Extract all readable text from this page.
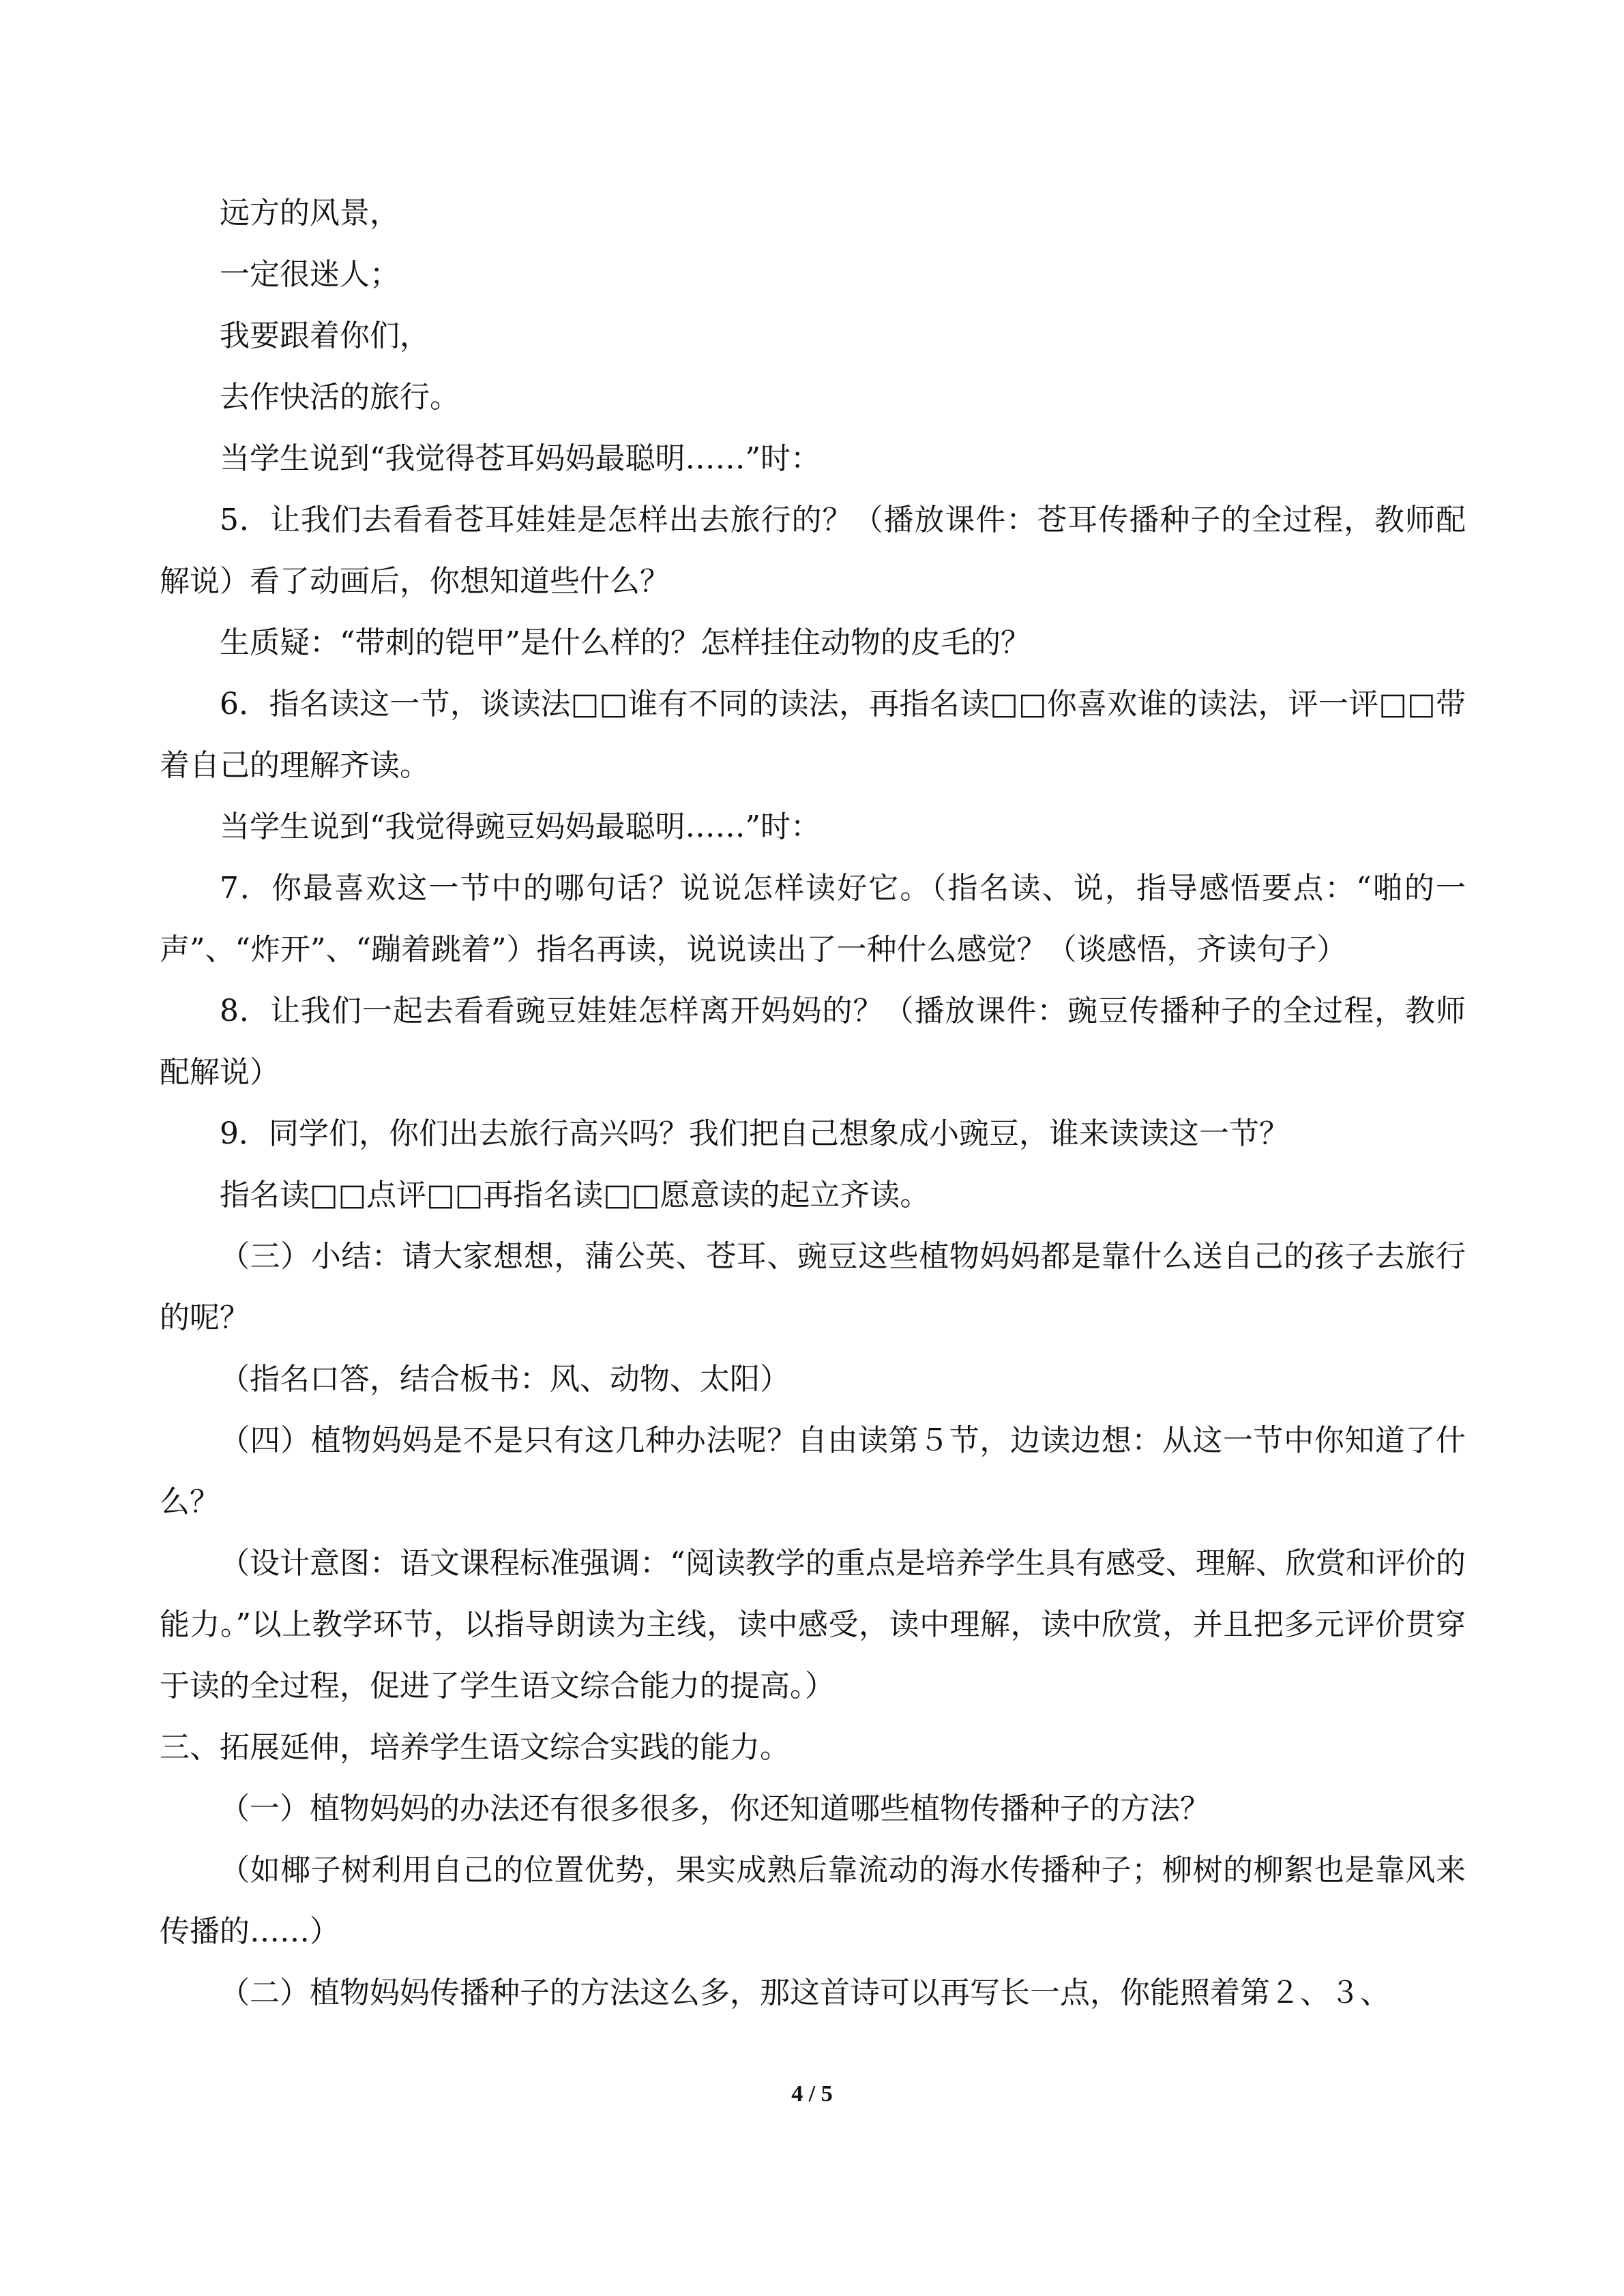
远方的风景，

一定很迷人；

我要跟着你们，

去作快活的旅行。

当学生说到“我觉得苍耳妈妈最聪明……”时：

5．让我们去看看苍耳娃娃是怎样出去旅行的？（播放课件：苍耳传播种子的全过程，教师配解说）看了动画后，你想知道些什么？

生质疑：“带刺的铠甲”是什么样的？怎样挂住动物的皮毛的？

6．指名读这一节，谈读法□□谁有不同的读法，再指名读□□你喜欢谁的读法，评一评□□带着自己的理解齐读。

当学生说到“我觉得豌豆妈妈最聪明……”时：

7．你最喜欢这一节中的哪句话？说说怎样读好它。（指名读、说，指导感悟要点：“啪的一声”、“炸开”、“蹦着跳着”）指名再读，说说读出了一种什么感觉？（谈感悟，齐读句子）

8．让我们一起去看看豌豆娃娃怎样离开妈妈的？（播放课件：豌豆传播种子的全过程，教师配解说）

9．同学们，你们出去旅行高兴吗？我们把自己想象成小豌豆，谁来读读这一节？

指名读□□点评□□再指名读□□愿意读的起立齐读。

（三）小结：请大家想想，蒲公英、苍耳、豌豆这些植物妈妈都是靠什么送自己的孩子去旅行的呢？

（指名口答，结合板书：风、动物、太阳）

（四）植物妈妈是不是只有这几种办法呢？自由读第５节，边读边想：从这一节中你知道了什么？

（设计意图：语文课程标准强调：“阅读教学的重点是培养学生具有感受、理解、欣赏和评价的能力。”以上教学环节，以指导朗读为主线，读中感受，读中理解，读中欣赏，并且把多元评价贯穿于读的全过程，促进了学生语文综合能力的提高。）

三、拓展延伸，培养学生语文综合实践的能力。

（一）植物妈妈的办法还有很多很多，你还知道哪些植物传播种子的方法？

（如椰子树利用自己的位置优势，果实成熟后靠流动的海水传播种子；柳树的柳絮也是靠风来传播的……）

（二）植物妈妈传播种子的方法这么多，那这首诗可以再写长一点，你能照着第２、３、

4 / 5
